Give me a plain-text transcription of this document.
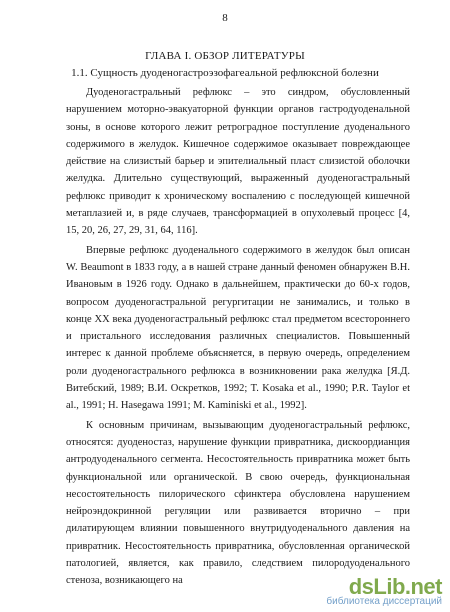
8
ГЛАВА I. ОБЗОР ЛИТЕРАТУРЫ
1.1. Сущность дуоденогастроэзофагеальной рефлюксной болезни

Дуоденогастральный рефлюкс – это синдром, обусловленный нарушением моторно-эвакуаторной функции органов гастродуоденальной зоны, в основе которого лежит ретроградное поступление дуоденального содержимого в желудок. Кишечное содержимое оказывает повреждающее действие на слизистый барьер и эпителиальный пласт слизистой оболочки желудка. Длительно существующий, выраженный дуоденогастральный рефлюкс приводит к хроническому воспалению с последующей кишечной метаплазией и, в ряде случаев, трансформацией в опухолевый процесс [4, 15, 20, 26, 27, 29, 31, 64, 116].

Впервые рефлюкс дуоденального содержимого в желудок был описан W. Beaumont в 1833 году, а в нашей стране данный феномен обнаружен В.Н. Ивановым в 1926 году. Однако в дальнейшем, практически до 60-х годов, вопросом дуоденогастральной регургитации не занимались, и только в конце ХХ века дуоденогастральный рефлюкс стал предметом всестороннего и пристального исследования различных специалистов. Повышенный интерес к данной проблеме объясняется, в первую очередь, определением роли дуоденогастрального рефлюкса в возникновении рака желудка [Я.Д. Витебский, 1989; В.И. Оскретков, 1992; T. Kosaka et al., 1990; P.R. Taylor et al., 1991; H. Hasegawa 1991; M. Kaminiski et al., 1992].

К основным причинам, вызывающим дуоденогастральный рефлюкс, относятся: дуоденостаз, нарушение функции привратника, дискоордианция антродуоденального сегмента. Несостоятельность привратника может быть функциональной или органической. В свою очередь, функциональная несостоятельность пилорического сфинктера обусловлена нарушением нейроэндокринной регуляции или развивается вторично – при дилатирующем влиянии повышенного внутридуоденального давления на привратник. Несостоятельность привратника, обусловленная органической патологией, является, как правило, следствием пилородуоденального стеноза, возникающего на	dsLib.net
библиотека диссертаций
